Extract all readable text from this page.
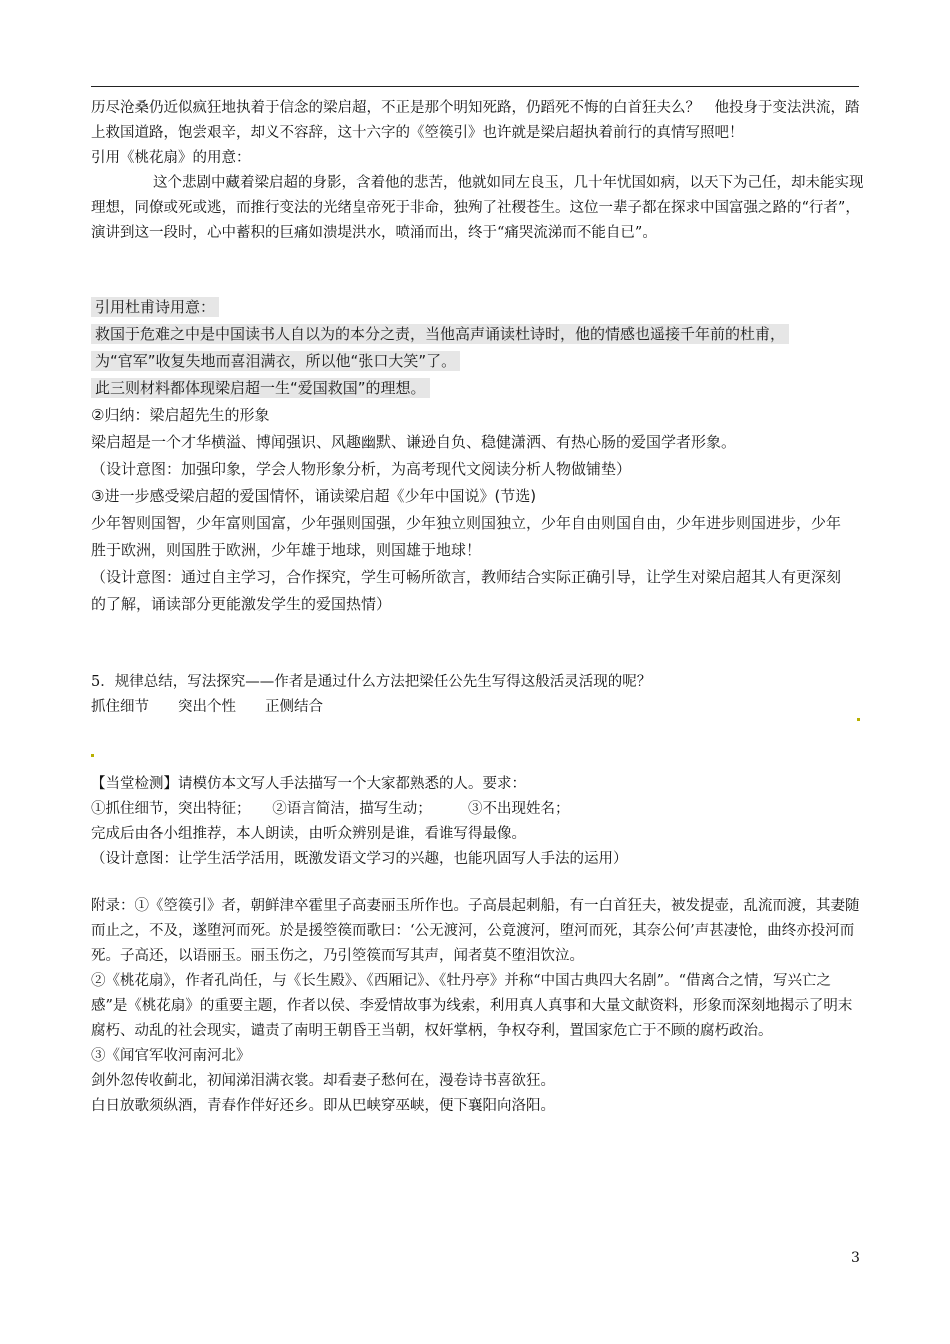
历尽沧桑仍近似疯狂地执着于信念的梁启超，不正是那个明知死路，仍蹈死不悔的白首狂夫么？　他投身于变法洪流，踏上救国道路，饱尝艰辛，却义不容辞，这十六字的《箜篌引》也许就是梁启超执着前行的真情写照吧！

引用《桃花扇》的用意：

这个悲剧中藏着梁启超的身影，含着他的悲苦，他就如同左良玉，几十年忧国如病，以天下为己任，却未能实现理想，同僚或死或逃，而推行变法的光绪皇帝死于非命，独殉了社稷苍生。这位一辈子都在探求中国富强之路的“行者”，演讲到这一段时，心中蓄积的巨痛如溃堤洪水，喷涌而出，终于“痛哭流涕而不能自已”。

引用杜甫诗用意：

救国于危难之中是中国读书人自以为的本分之责，当他高声诵读杜诗时，他的情感也遥接千年前的杜甫，

为“官军”收复失地而喜泪满衣，所以他“张口大笑”了。

此三则材料都体现梁启超一生“爱国救国”的理想。

②归纳：梁启超先生的形象

梁启超是一个才华横溢、博闻强识、风趣幽默、谦逊自负、稳健潇洒、有热心肠的爱国学者形象。

（设计意图：加强印象，学会人物形象分析，为高考现代文阅读分析人物做铺垫）

③进一步感受梁启超的爱国情怀，诵读梁启超《少年中国说》(节选)

少年智则国智，少年富则国富，少年强则国强，少年独立则国独立，少年自由则国自由，少年进步则国进步，少年胜于欧洲，则国胜于欧洲，少年雄于地球，则国雄于地球！

（设计意图：通过自主学习，合作探究，学生可畅所欲言，教师结合实际正确引导，让学生对梁启超其人有更深刻的了解，诵读部分更能激发学生的爱国热情）

5．规律总结，写法探究——作者是通过什么方法把梁任公先生写得这般活灵活现的呢？

抓住细节　　突出个性　　正侧结合

【当堂检测】请模仿本文写人手法描写一个大家都熟悉的人。要求：

①抓住细节，突出特征；　　②语言简洁，描写生动；　　　③不出现姓名；

完成后由各小组推荐，本人朗读，由听众辨别是谁，看谁写得最像。

（设计意图：让学生活学活用，既激发语文学习的兴趣，也能巩固写人手法的运用）

附录：①《箜篌引》者，朝鲜津卒霍里子高妻丽玉所作也。子高晨起刺船，有一白首狂夫，被发提壶，乱流而渡，其妻随而止之，不及，遂堕河而死。於是援箜篌而歌曰：‘公无渡河，公竟渡河，堕河而死，其奈公何’声甚凄怆，曲终亦投河而死。子高还，以语丽玉。丽玉伤之，乃引箜篌而写其声，闻者莫不堕泪饮泣。

②《桃花扇》，作者孔尚任，与《长生殿》、《西厢记》、《牡丹亭》并称“中国古典四大名剧”。“借离合之情，写兴亡之感”是《桃花扇》的重要主题，作者以侯、李爱情故事为线索，利用真人真事和大量文献资料，形象而深刻地揭示了明末腐朽、动乱的社会现实，谴责了南明王朝昏王当朝，权奸掌柄，争权夺利，置国家危亡于不顾的腐朽政治。

③《闻官军收河南河北》

剑外忽传收蓟北，初闻涕泪满衣裳。却看妻子愁何在，漫卷诗书喜欲狂。

白日放歌须纵酒，青春作伴好还乡。即从巴峡穿巫峡，便下襄阳向洛阳。

3
